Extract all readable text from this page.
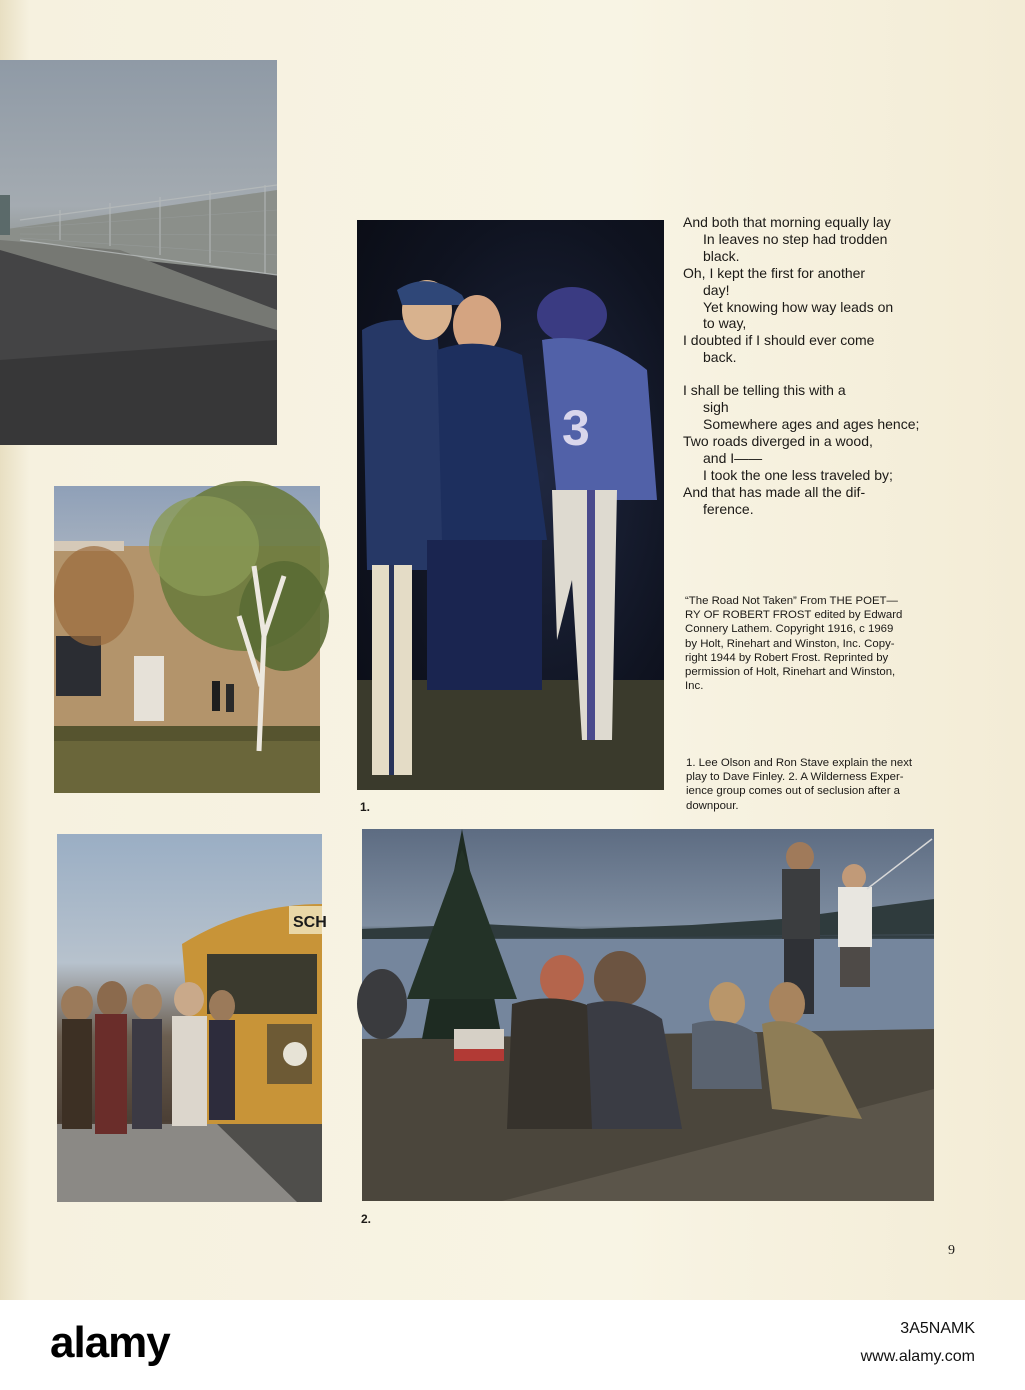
3
SCH
And both that morning equally lay
In leaves no step had trodden
black.
Oh, I kept the first for another
day!
Yet knowing how way leads on
to way,
I doubted if I should ever come
back.
I shall be telling this with a
sigh
Somewhere ages and ages hence;
Two roads diverged in a wood,
and I——
I took the one less traveled by;
And that has made all the dif-
ference.
“The Road Not Taken” From THE POET—
RY OF ROBERT FROST edited by Edward
Connery Lathem. Copyright 1916, c 1969
by Holt, Rinehart and Winston, Inc. Copy-
right 1944 by Robert Frost. Reprinted by
permission of Holt, Rinehart and Winston,
Inc.
1. Lee Olson and Ron Stave explain the next
play to Dave Finley. 2. A Wilderness Exper-
ience group comes out of seclusion after a
downpour.
1.
2.
9
alamy	3A5NAMK
www.alamy.com
